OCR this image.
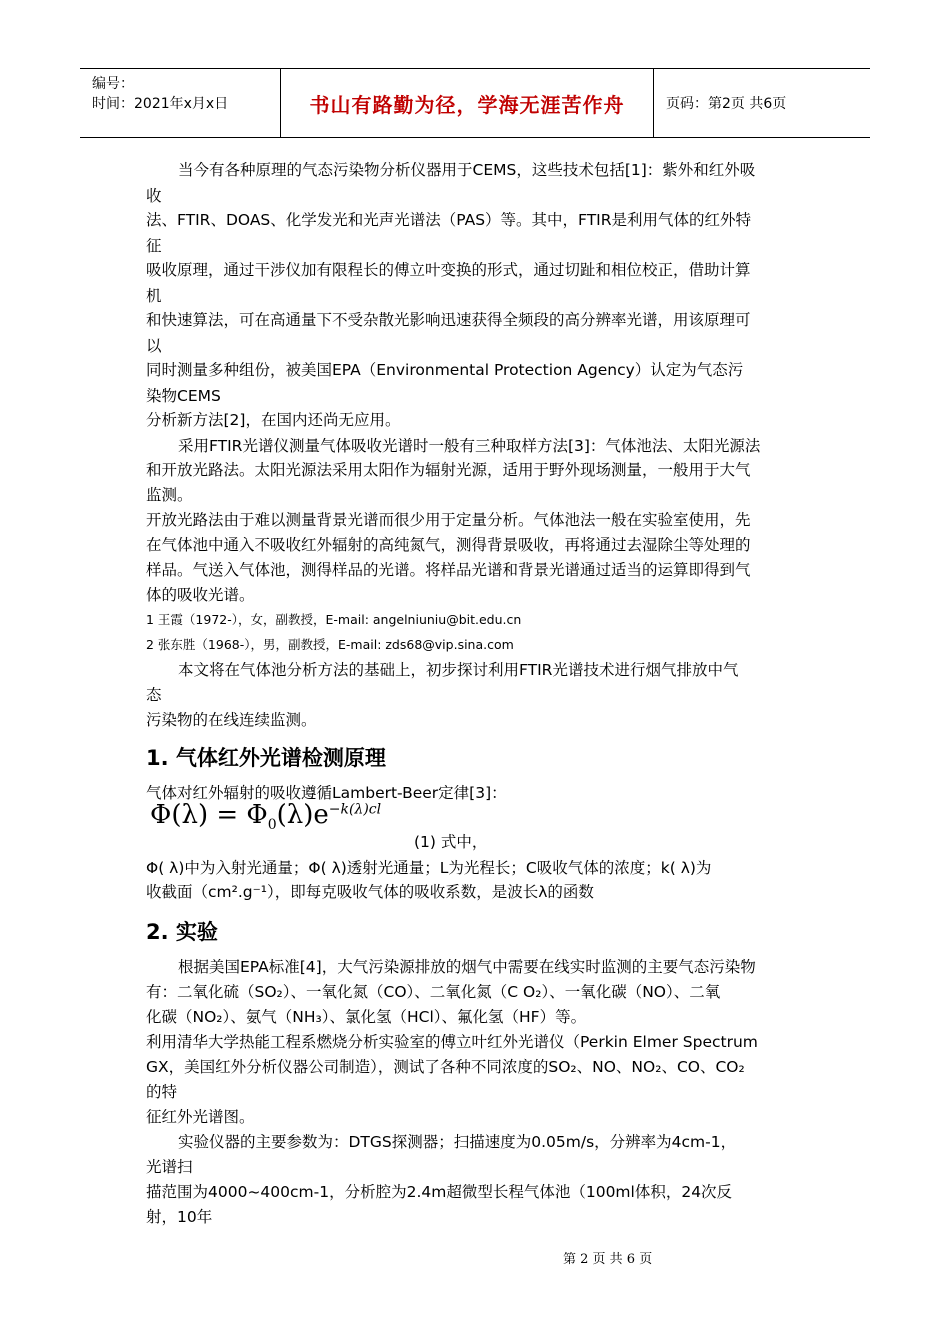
编号：
时间：2021年x月x日	书山有路勤为径，学海无涯苦作舟	页码：第2页 共6页
当今有各种原理的气态污染物分析仪器用于CEMS，这些技术包括[1]：紫外和红外吸
收
法、FTIR、DOAS、化学发光和光声光谱法（PAS）等。其中，FTIR是利用气体的红外特
征
吸收原理，通过干涉仪加有限程长的傅立叶变换的形式，通过切趾和相位校正，借助计算
机
和快速算法，可在高通量下不受杂散光影响迅速获得全频段的高分辨率光谱，用该原理可
以
同时测量多种组份，被美国EPA（Environmental Protection Agency）认定为气态污
染物CEMS
分析新方法[2]，在国内还尚无应用。
采用FTIR光谱仪测量气体吸收光谱时一般有三种取样方法[3]：气体池法、太阳光源法
和开放光路法。太阳光源法采用太阳作为辐射光源，适用于野外现场测量，一般用于大气
监测。
开放光路法由于难以测量背景光谱而很少用于定量分析。气体池法一般在实验室使用，先
在气体池中通入不吸收红外辐射的高纯氮气，测得背景吸收，再将通过去湿除尘等处理的
样品。气送入气体池，测得样品的光谱。将样品光谱和背景光谱通过适当的运算即得到气
体的吸收光谱。
1 王霞（1972-），女，副教授，E-mail: angelniuniu@bit.edu.cn
2 张东胜（1968-），男，副教授，E-mail: zds68@vip.sina.com
本文将在气体池分析方法的基础上，初步探讨利用FTIR光谱技术进行烟气排放中气
态
污染物的在线连续监测。
1. 气体红外光谱检测原理
气体对红外辐射的吸收遵循Lambert-Beer定律[3]：
$\Phi(\lambda) = \Phi_0(\lambda)e^{-k(\lambda)cl}$
(1) 式中，
Φ( λ)中为入射光通量；Φ( λ)透射光通量；L为光程长；C吸收气体的浓度；k( λ)为
收截面（cm².g⁻¹），即每克吸收气体的吸收系数，是波长λ的函数
2. 实验
根据美国EPA标准[4]，大气污染源排放的烟气中需要在线实时监测的主要气态污染物
有：二氧化硫（SO₂）、一氧化氮（CO）、二氧化氮（C O₂）、一氧化碳（NO）、二氧
化碳（NO₂）、氨气（NH₃）、氯化氢（HCl）、氟化氢（HF）等。
利用清华大学热能工程系燃烧分析实验室的傅立叶红外光谱仪（Perkin Elmer Spectrum
GX，美国红外分析仪器公司制造），测试了各种不同浓度的SO₂、NO、NO₂、CO、CO₂
的特
征红外光谱图。
实验仪器的主要参数为：DTGS探测器；扫描速度为0.05m/s，分辨率为4cm-1，
光谱扫
描范围为4000~400cm-1，分析腔为2.4m超微型长程气体池（100ml体积，24次反
射，10年
第 2 页 共 6 页
